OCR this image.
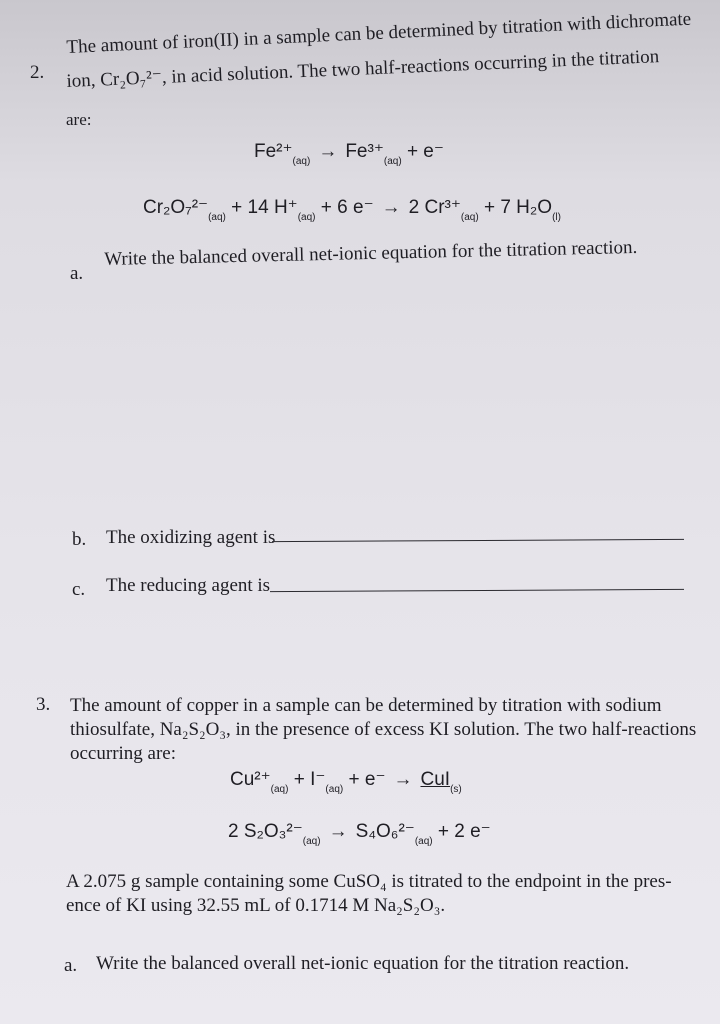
2.
The amount of iron(II) in a sample can be determined by titration with dichromate
ion, Cr₂O₇²⁻, in acid solution. The two half-reactions occurring in the titration
are:
$Fe^{2+}_{(aq)} \to Fe^{3+}_{(aq)} + e^-$
$Cr_2O_7^{2-}_{(aq)} + 14$ $H^+_{(aq)} + 6$ e⁻ → 2 $Cr^{3+}_{(aq)} + 7$ $H_2O_{(l)}$
a.
Write the balanced overall net-ionic equation for the titration reaction.
b. The oxidizing agent is
c. The reducing agent is
3. The amount of copper in a sample can be determined by titration with sodium
thiosulfate, Na₂S₂O₃, in the presence of excess KI solution. The two half-reactions
occurring are:
$Cu^{2+}_{(aq)} + I^-_{(aq)} + e^- \to CuI_{(s)}$
2 $S_2O_3^{2-}_{(aq)} \to S_4O_6^{2-}_{(aq)} + 2$ e⁻
A 2.075 g sample containing some CuSO₄ is titrated to the endpoint in the pres-
ence of KI using 32.55 mL of 0.1714 M Na₂S₂O₃.
a. Write the balanced overall net-ionic equation for the titration reaction.
